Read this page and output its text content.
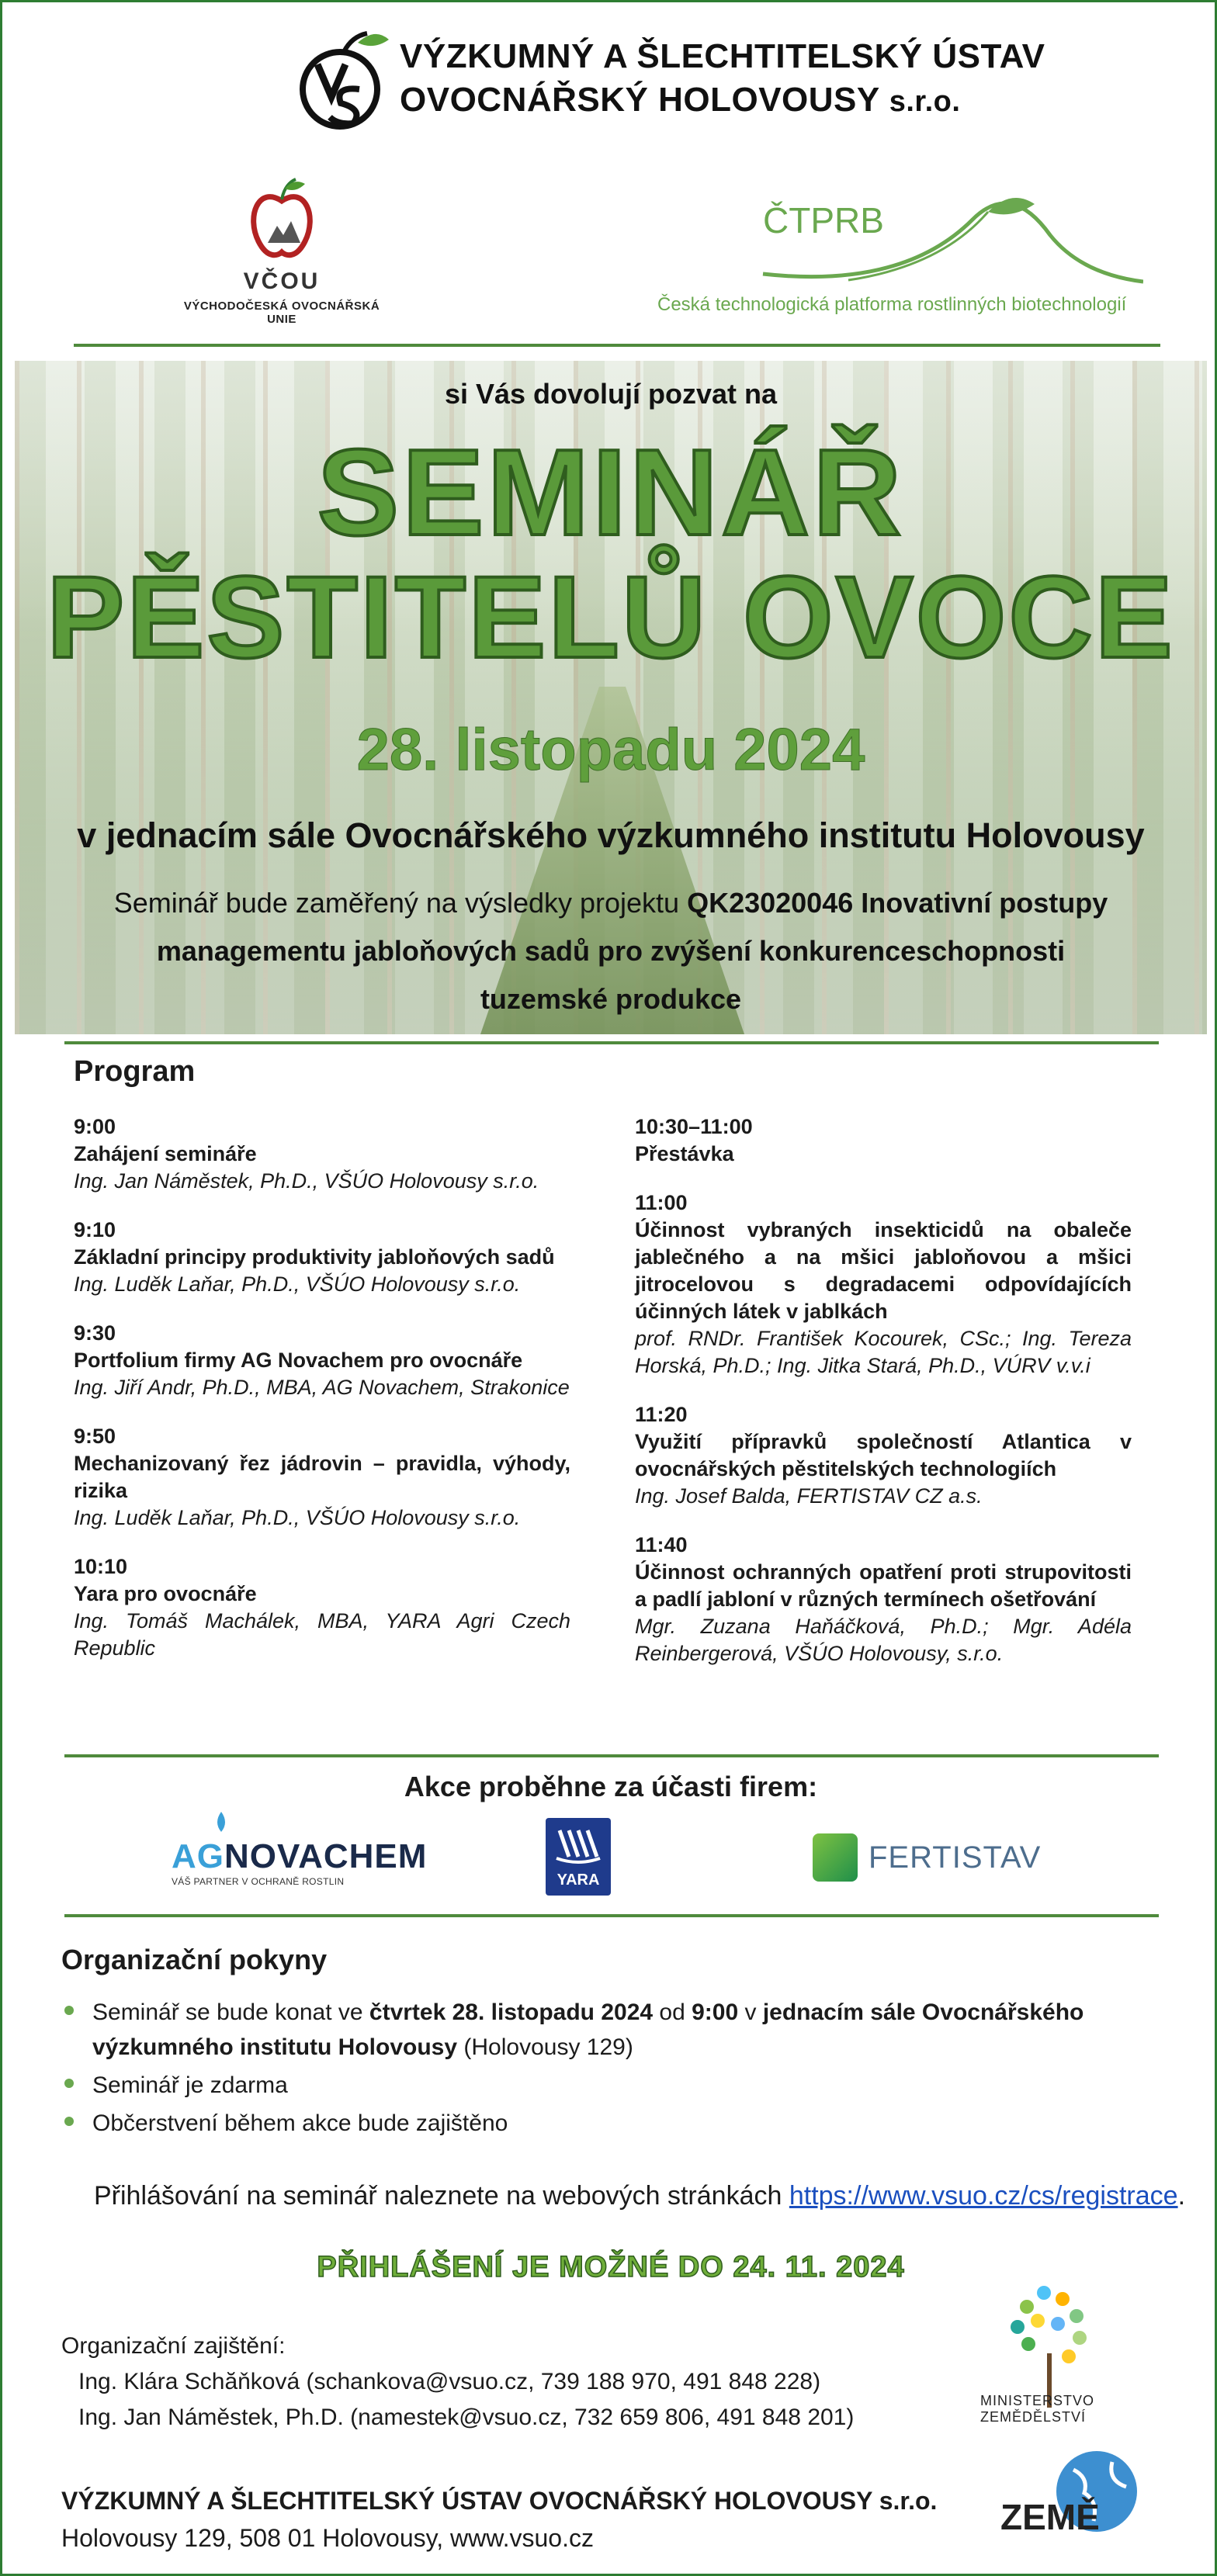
VÝZKUMNÝ A ŠLECHTITELSKÝ ÚSTAV
OVOCNÁŘSKÝ HOLOVOUSY s.r.o.
VČOU
VÝCHODOČESKÁ OVOCNÁŘSKÁ UNIE
ČTPRB
Česká technologická platforma rostlinných biotechnologií
si Vás dovolují pozvat na
SEMINÁŘ
PĚSTITELŮ OVOCE
28. listopadu 2024
v jednacím sále Ovocnářského výzkumného institutu Holovousy
Seminář bude zaměřený na výsledky projektu QK23020046 Inovativní postupy managementu jabloňových sadů pro zvýšení konkurenceschopnosti tuzemské produkce
Program
9:00
Zahájení semináře
Ing. Jan Náměstek, Ph.D., VŠÚO Holovousy s.r.o.
9:10
Základní principy produktivity jabloňových sadů
Ing. Luděk Laňar, Ph.D., VŠÚO Holovousy s.r.o.
9:30
Portfolium firmy AG Novachem pro ovocnáře
Ing. Jiří Andr, Ph.D., MBA, AG Novachem, Strakonice
9:50
Mechanizovaný řez jádrovin – pravidla, výhody, rizika
Ing. Luděk Laňar, Ph.D., VŠÚO Holovousy s.r.o.
10:10
Yara pro ovocnáře
Ing. Tomáš Machálek, MBA, YARA Agri Czech Republic
10:30–11:00
Přestávka
11:00
Účinnost vybraných insekticidů na obaleče jablečného a na mšici jabloňovou a mšici jitrocelovou s degradacemi odpovídajících účinných látek v jablkách
prof. RNDr. František Kocourek, CSc.; Ing. Tereza Horská, Ph.D.; Ing. Jitka Stará, Ph.D., VÚRV v.v.i
11:20
Využití přípravků společností Atlantica v ovocnářských pěstitelských technologiích
Ing. Josef Balda, FERTISTAV CZ a.s.
11:40
Účinnost ochranných opatření proti strupovitosti a padlí jabloní v různých termínech ošetřování
Mgr. Zuzana Haňáčková, Ph.D.; Mgr. Adéla Reinbergerová, VŠÚO Holovousy, s.r.o.
Akce proběhne za účasti firem:
AGNOVACHEM
VÁŠ PARTNER V OCHRANĚ ROSTLIN	YARA
FERTISTAV
Organizační pokyny
Seminář se bude konat ve čtvrtek 28. listopadu 2024 od 9:00 v jednacím sále Ovocnářského výzkumného institutu Holovousy (Holovousy 129)
Seminář je zdarma
Občerstvení během akce bude zajištěno
Přihlášování na seminář naleznete na webových stránkách https://www.vsuo.cz/cs/registrace.
PŘIHLÁŠENÍ JE MOŽNÉ DO 24. 11. 2024
Organizační zajištění:
Ing. Klára Schăňková (schankova@vsuo.cz, 739 188 970, 491 848 228)
Ing. Jan Náměstek, Ph.D. (namestek@vsuo.cz, 732 659 806, 491 848 201)
MINISTERSTVO ZEMĚDĚLSTVÍ
ZEMĚ
VÝZKUMNÝ A ŠLECHTITELSKÝ ÚSTAV OVOCNÁŘSKÝ HOLOVOUSY s.r.o.
Holovousy 129, 508 01 Holovousy, www.vsuo.cz
